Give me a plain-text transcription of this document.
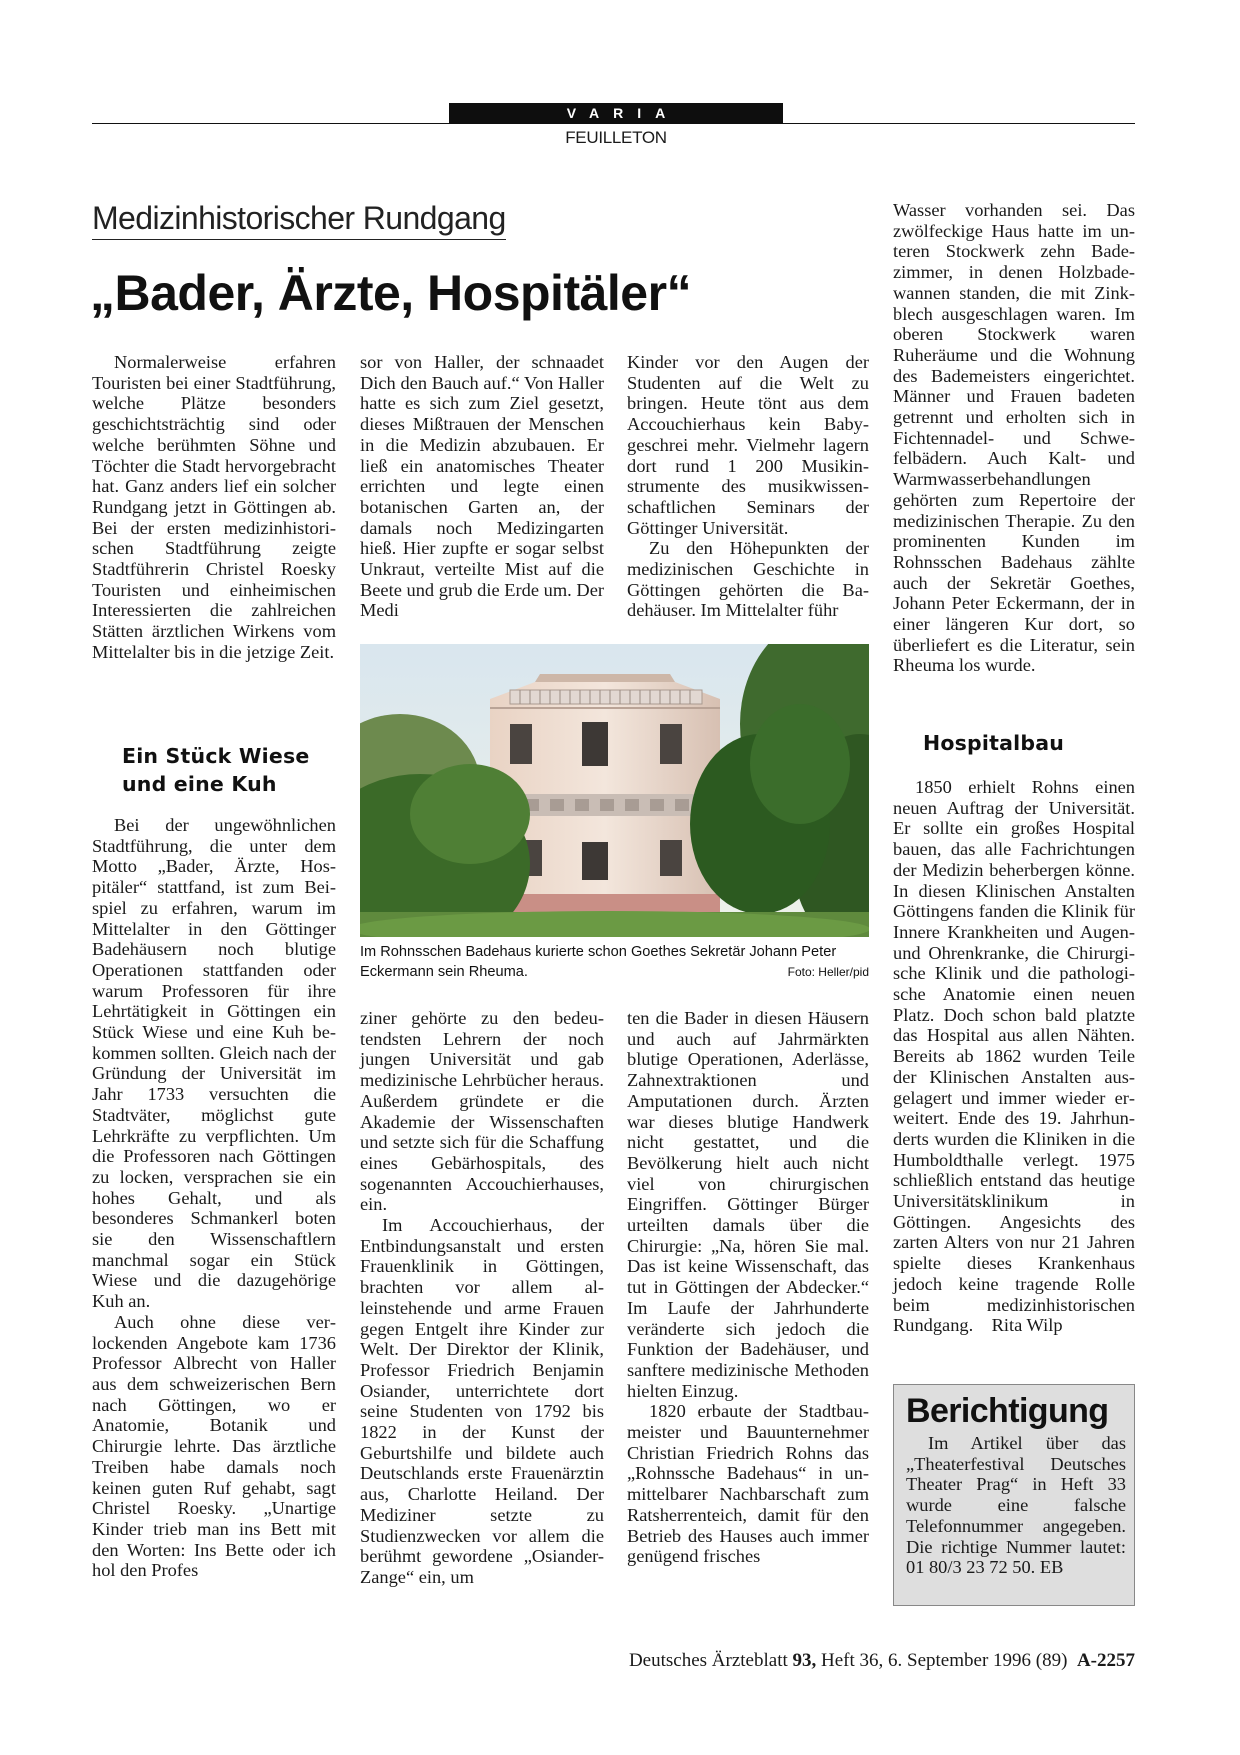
VARIA
FEUILLETON
Medizinhistorischer Rundgang
„Bader, Ärzte, Hospitäler“

Normalerweise erfahren Touristen bei einer Stadtführung, welche Plätze besonders geschichtsträchtig sind oder welche berühmten Söhne und Töchter die Stadt hervorgebracht hat. Ganz anders lief ein solcher Rundgang jetzt in Göttingen ab. Bei der ersten medizinhistorischen Stadtführung zeigte Stadtführerin Christel Roesky Touristen und einheimischen Interessierten die zahlreichen Stätten ärztlichen Wirkens vom Mittelalter bis in die jetzige Zeit.

Ein Stück Wiese und eine Kuh

Bei der ungewöhnlichen Stadtführung, die unter dem Motto „Bader, Ärzte, Hospitäler“ stattfand, ist zum Beispiel zu erfahren, warum im Mittelalter in den Göttinger Badehäusern noch blutige Operationen stattfanden oder warum Professoren für ihre Lehrtätigkeit in Göttingen ein Stück Wiese und eine Kuh bekommen sollten. Gleich nach der Gründung der Universität im Jahr 1733 versuchten die Stadtväter, möglichst gute Lehrkräfte zu verpflichten. Um die Professoren nach Göttingen zu locken, versprachen sie ein hohes Gehalt, und als besonderes Schmankerl boten sie den Wissenschaftlern manchmal sogar ein Stück Wiese und die dazugehörige Kuh an.

Auch ohne diese verlockenden Angebote kam 1736 Professor Albrecht von Haller aus dem schweizerischen Bern nach Göttingen, wo er Anatomie, Botanik und Chirurgie lehrte. Das ärztliche Treiben habe damals noch keinen guten Ruf gehabt, sagt Christel Roesky. „Unartige Kinder trieb man ins Bett mit den Worten: Ins Bette oder ich hol den Profes

sor von Haller, der schnaadet Dich den Bauch auf.“ Von Haller hatte es sich zum Ziel gesetzt, dieses Mißtrauen der Menschen in die Medizin abzubauen. Er ließ ein anatomisches Theater errichten und legte einen botanischen Garten an, der damals noch Medizingarten hieß. Hier zupfte er sogar selbst Unkraut, verteilte Mist auf die Beete und grub die Erde um. Der Medi

ziner gehörte zu den bedeutendsten Lehrern der noch jungen Universität und gab medizinische Lehrbücher heraus. Außerdem gründete er die Akademie der Wissenschaften und setzte sich für die Schaffung eines Gebärhospitals, des sogenannten Accouchierhauses, ein.

Im Accouchierhaus, der Entbindungsanstalt und ersten Frauenklinik in Göttingen, brachten vor allem alleinstehende und arme Frauen gegen Entgelt ihre Kinder zur Welt. Der Direktor der Klinik, Professor Friedrich Benjamin Osiander, unterrichtete dort seine Studenten von 1792 bis 1822 in der Kunst der Geburtshilfe und bildete auch Deutschlands erste Frauenärztin aus, Charlotte Heiland. Der Mediziner setzte zu Studienzwecken vor allem die berühmt gewordene „Osiander-Zange“ ein, um

Kinder vor den Augen der Studenten auf die Welt zu bringen. Heute tönt aus dem Accouchierhaus kein Babygeschrei mehr. Vielmehr lagern dort rund 1 200 Musikinstrumente des musikwissenschaftlichen Seminars der Göttinger Universität.

Zu den Höhepunkten der medizinischen Geschichte in Göttingen gehörten die Badehäuser. Im Mittelalter führ

ten die Bader in diesen Häusern und auch auf Jahrmärkten blutige Operationen, Aderlässe, Zahnextraktionen und Amputationen durch. Ärzten war dieses blutige Handwerk nicht gestattet, und die Bevölkerung hielt auch nicht viel von chirurgischen Eingriffen. Göttinger Bürger urteilten damals über die Chirurgie: „Na, hören Sie mal. Das ist keine Wissenschaft, das tut in Göttingen der Abdecker.“ Im Laufe der Jahrhunderte veränderte sich jedoch die Funktion der Badehäuser, und sanftere medizinische Methoden hielten Einzug.

1820 erbaute der Stadtbaumeister und Bauunternehmer Christian Friedrich Rohns das „Rohnssche Badehaus“ in unmittelbarer Nachbarschaft zum Ratsherrenteich, damit für den Betrieb des Hauses auch immer genügend frisches

Im Rohnsschen Badehaus kurierte schon Goethes Sekretär Johann Peter Eckermann sein Rheuma.	Foto: Heller/pid

Wasser vorhanden sei. Das zwölfeckige Haus hatte im unteren Stockwerk zehn Badezimmer, in denen Holzbadewannen standen, die mit Zinkblech ausgeschlagen waren. Im oberen Stockwerk waren Ruheräume und die Wohnung des Bademeisters eingerichtet. Männer und Frauen badeten getrennt und erholten sich in Fichtennadel- und Schwefelbädern. Auch Kalt- und Warmwasserbehandlungen gehörten zum Repertoire der medizinischen Therapie. Zu den prominenten Kunden im Rohnsschen Badehaus zählte auch der Sekretär Goethes, Johann Peter Eckermann, der in einer längeren Kur dort, so überliefert es die Literatur, sein Rheuma los wurde.

Hospitalbau

1850 erhielt Rohns einen neuen Auftrag der Universität. Er sollte ein großes Hospital bauen, das alle Fachrichtungen der Medizin beherbergen könne. In diesen Klinischen Anstalten Göttingens fanden die Klinik für Innere Krankheiten und Augen- und Ohrenkranke, die Chirurgische Klinik und die pathologische Anatomie einen neuen Platz. Doch schon bald platzte das Hospital aus allen Nähten. Bereits ab 1862 wurden Teile der Klinischen Anstalten ausgelagert und immer wieder erweitert. Ende des 19. Jahrhunderts wurden die Kliniken in die Humboldthalle verlegt. 1975 schließlich entstand das heutige Universitätsklinikum in Göttingen. Angesichts des zarten Alters von nur 21 Jahren spielte dieses Krankenhaus jedoch keine tragende Rolle beim medizinhistorischen Rundgang. Rita Wilp

Berichtigung

Im Artikel über das „Theaterfestival Deutsches Theater Prag“ in Heft 33 wurde eine falsche Telefonnummer angegeben. Die richtige Nummer lautet: 01 80/3 23 72 50. EB

Deutsches Ärzteblatt 93, Heft 36, 6. September 1996 (89) A-2257
